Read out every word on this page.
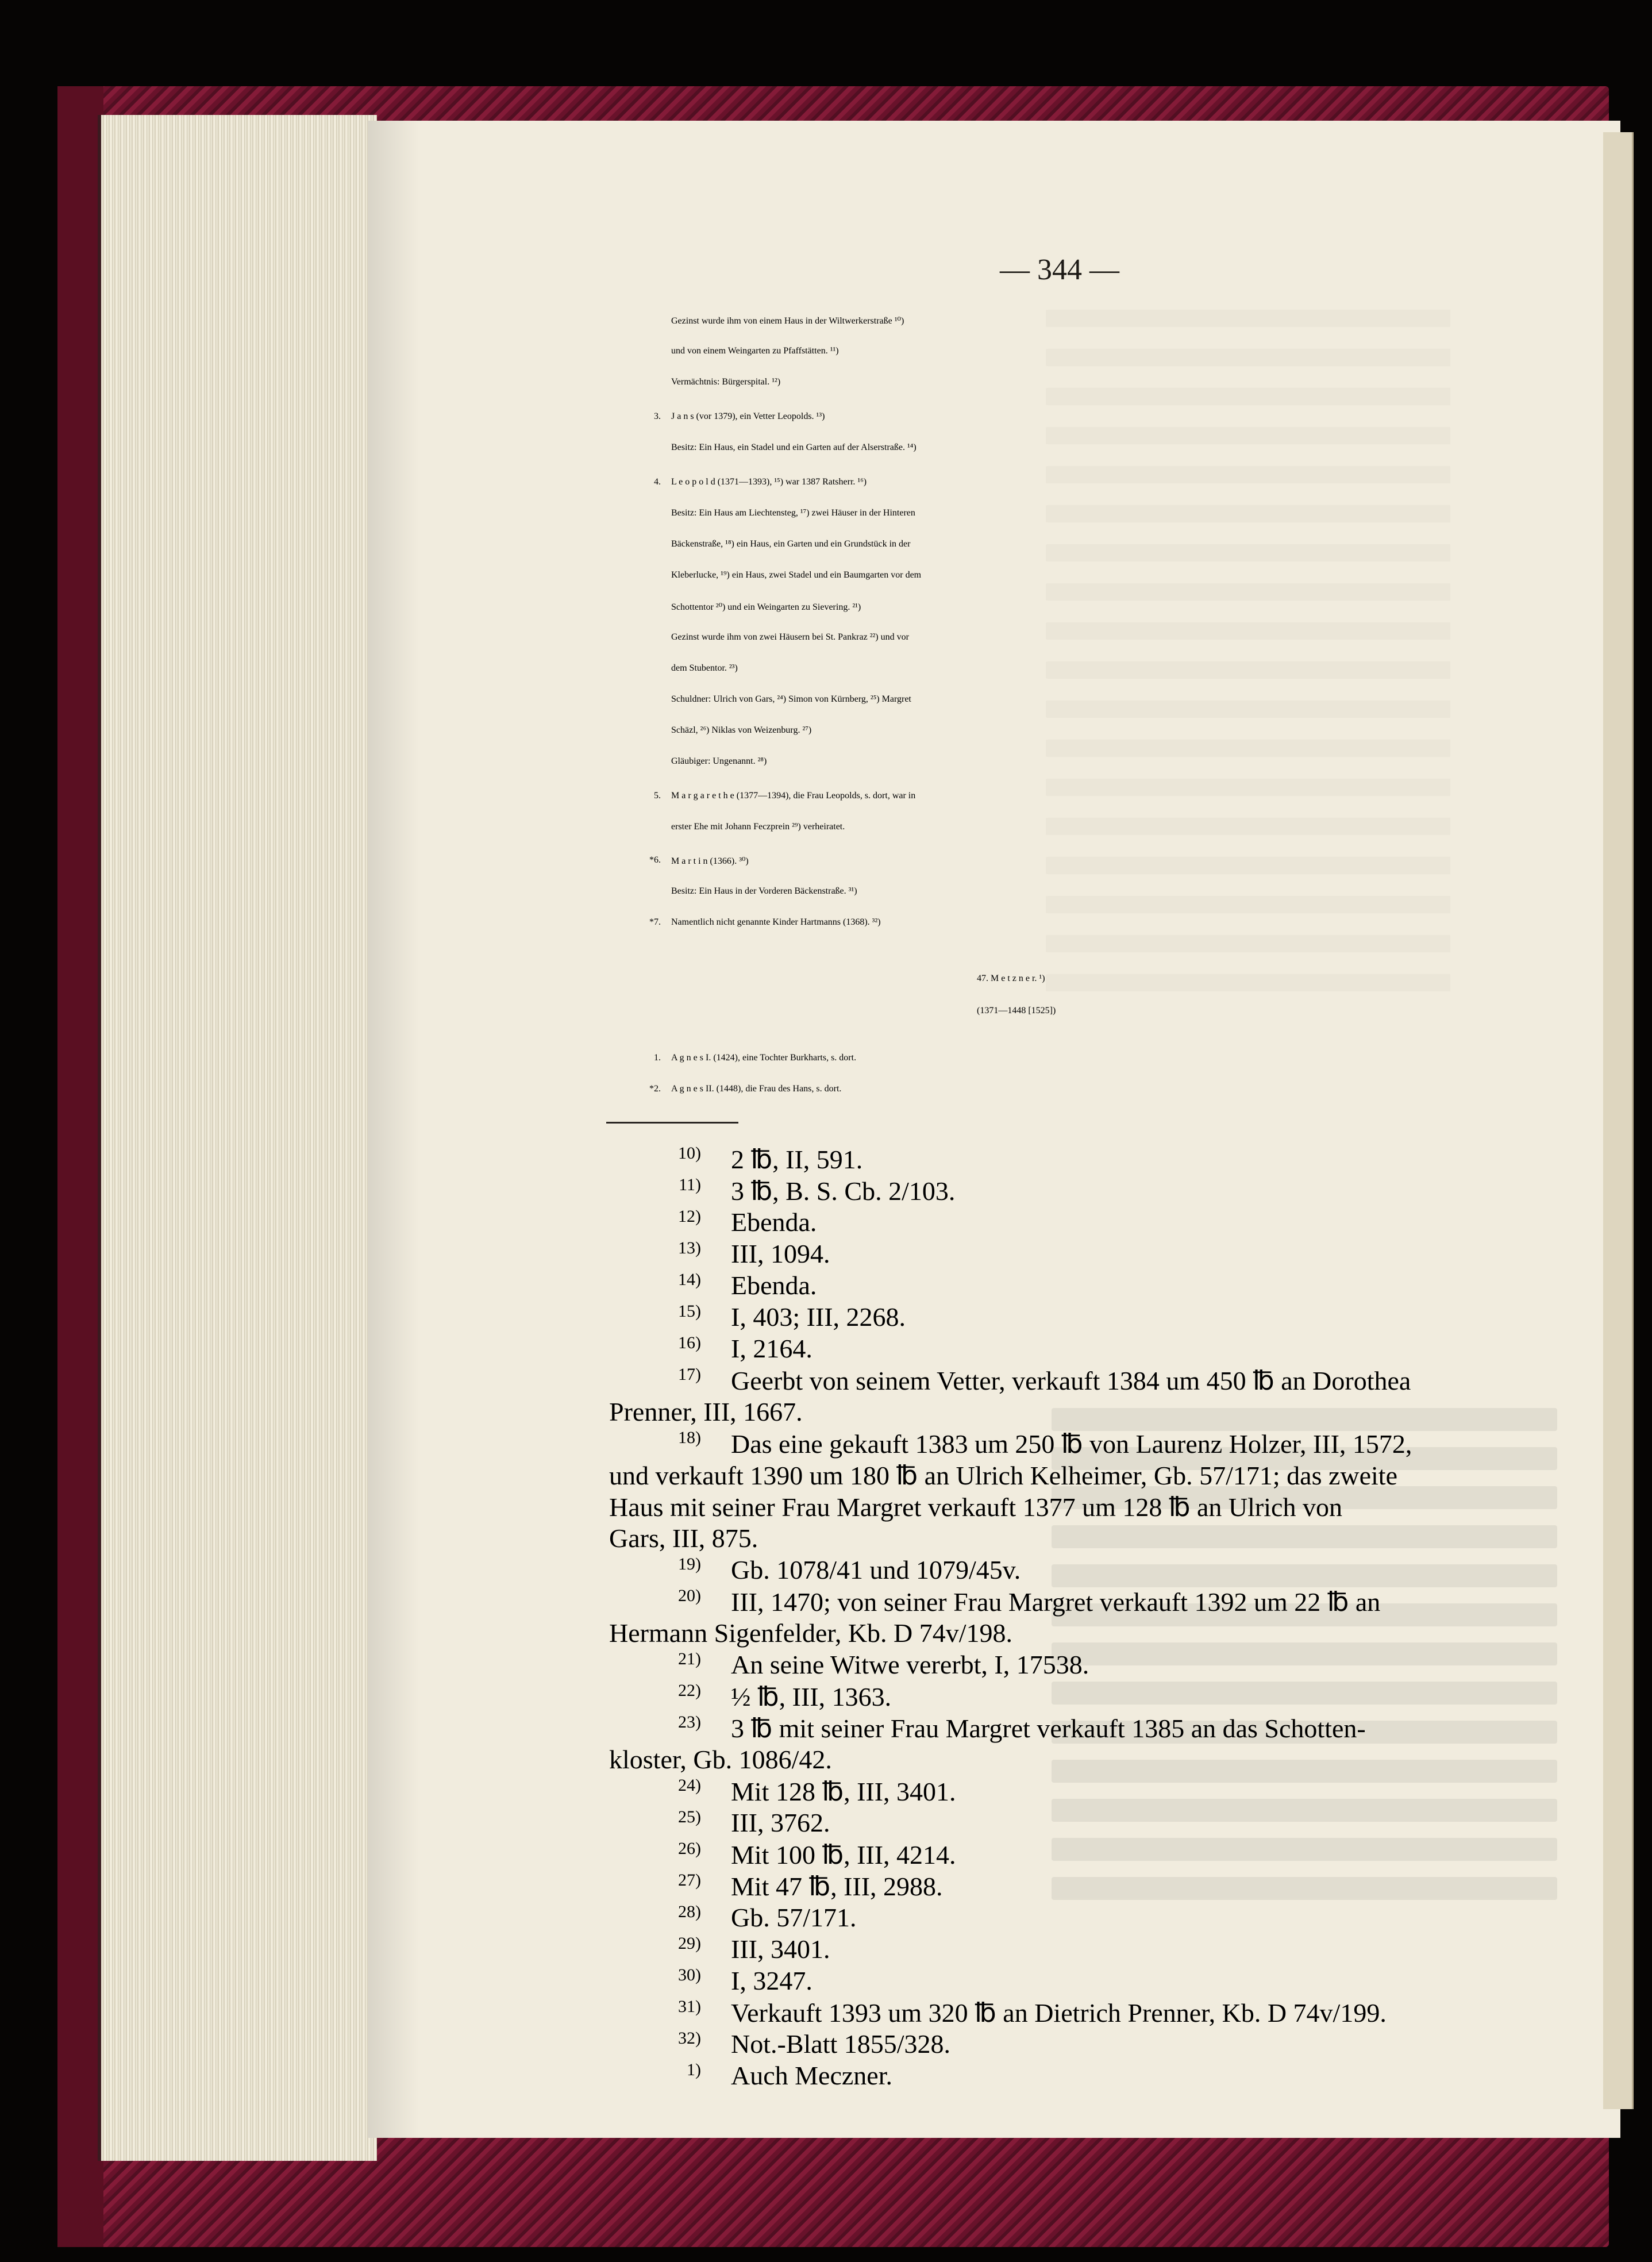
— 344 —
Gezinst wurde ihm von einem Haus in der Wiltwerkerstraße ¹⁰)
und von einem Weingarten zu Pfaffstätten. ¹¹)
Vermächtnis: Bürgerspital. ¹²)
3. J a n s (vor 1379), ein Vetter Leopolds. ¹³)
Besitz: Ein Haus, ein Stadel und ein Garten auf der Alserstraße. ¹⁴)
4. L e o p o l d (1371—1393), ¹⁵) war 1387 Ratsherr. ¹⁶)
Besitz: Ein Haus am Liechtensteg, ¹⁷) zwei Häuser in der Hinteren
Bäckenstraße, ¹⁸) ein Haus, ein Garten und ein Grundstück in der
Kleberlucke, ¹⁹) ein Haus, zwei Stadel und ein Baumgarten vor dem
Schottentor ²⁰) und ein Weingarten zu Sievering. ²¹)
Gezinst wurde ihm von zwei Häusern bei St. Pankraz ²²) und vor
dem Stubentor. ²³)
Schuldner: Ulrich von Gars, ²⁴) Simon von Kürnberg, ²⁵) Margret
Schäzl, ²⁶) Niklas von Weizenburg. ²⁷)
Gläubiger: Ungenannt. ²⁸)
5. M a r g a r e t h e (1377—1394), die Frau Leopolds, s. dort, war in
erster Ehe mit Johann Feczprein ²⁹) verheiratet.
*6. M a r t i n (1366). ³⁰)
Besitz: Ein Haus in der Vorderen Bäckenstraße. ³¹)
*7. Namentlich nicht genannte Kinder Hartmanns (1368). ³²)
47. M e t z n e r. ¹)
(1371—1448 [1525])
1. A g n e s I. (1424), eine Tochter Burkharts, s. dort.
*2. A g n e s II. (1448), die Frau des Hans, s. dort.
10) 2 ℔, II, 591.
11) 3 ℔, B. S. Cb. 2/103.
12) Ebenda.
13) III, 1094.
14) Ebenda.
15) I, 403; III, 2268.
16) I, 2164.
17) Geerbt von seinem Vetter, verkauft 1384 um 450 ℔ an Dorothea
Prenner, III, 1667.
18) Das eine gekauft 1383 um 250 ℔ von Laurenz Holzer, III, 1572,
und verkauft 1390 um 180 ℔ an Ulrich Kelheimer, Gb. 57/171; das zweite
Haus mit seiner Frau Margret verkauft 1377 um 128 ℔ an Ulrich von
Gars, III, 875.
19) Gb. 1078/41 und 1079/45v.
20) III, 1470; von seiner Frau Margret verkauft 1392 um 22 ℔ an
Hermann Sigenfelder, Kb. D 74v/198.
21) An seine Witwe vererbt, I, 17538.
22) ½ ℔, III, 1363.
23) 3 ℔ mit seiner Frau Margret verkauft 1385 an das Schotten-
kloster, Gb. 1086/42.
24) Mit 128 ℔, III, 3401.
25) III, 3762.
26) Mit 100 ℔, III, 4214.
27) Mit 47 ℔, III, 2988.
28) Gb. 57/171.
29) III, 3401.
30) I, 3247.
31) Verkauft 1393 um 320 ℔ an Dietrich Prenner, Kb. D 74v/199.
32) Not.-Blatt 1855/328.
1) Auch Meczner.
